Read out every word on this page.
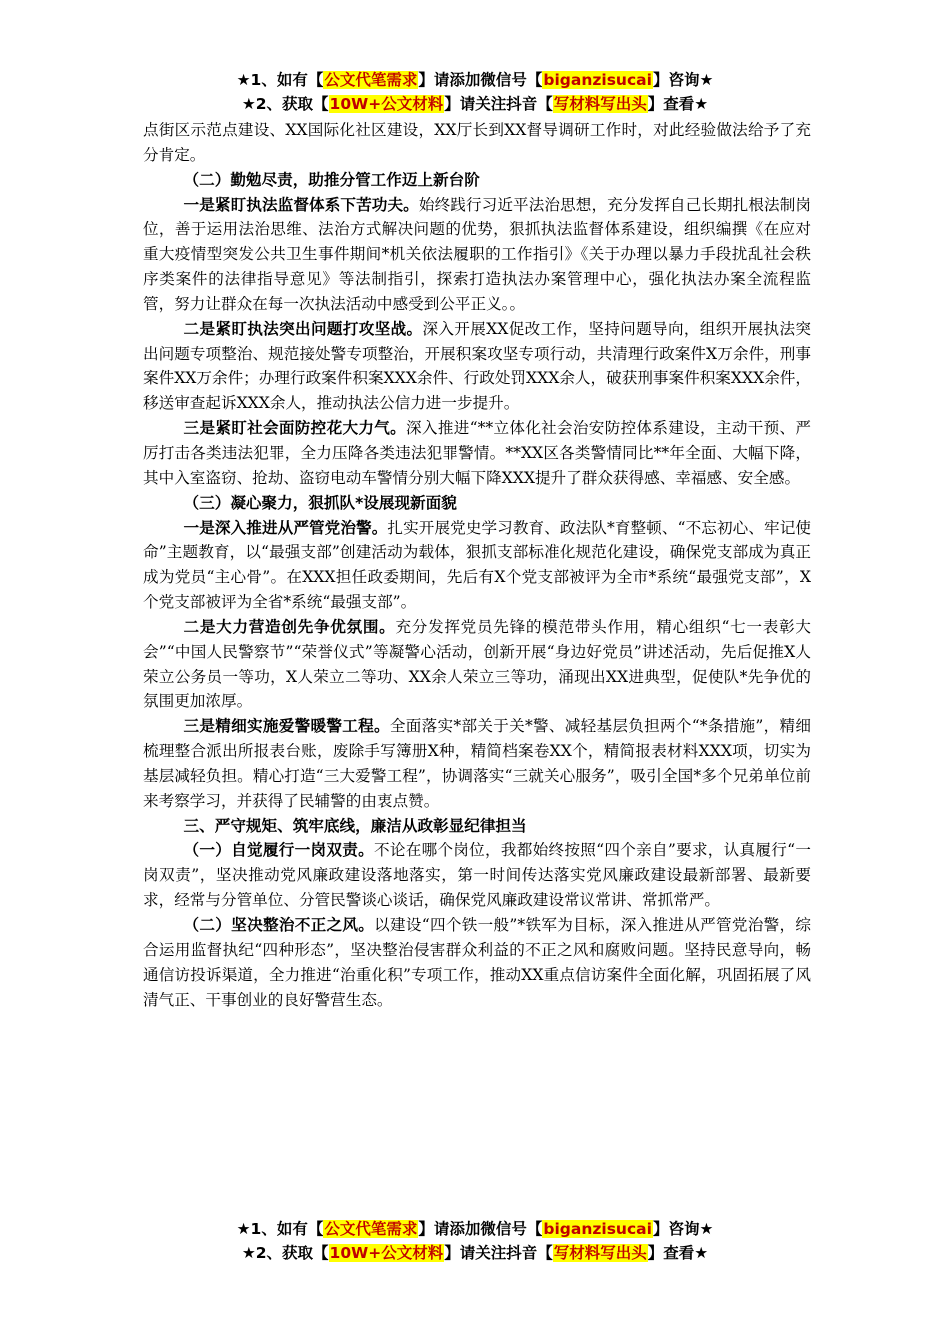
★1、如有【公文代笔需求】请添加微信号【biganzisucai】咨询★
★2、获取【10W+公文材料】请关注抖音【写材料写出头】查看★

点街区示范点建设、XX国际化社区建设，XX厅长到XX督导调研工作时，对此经验做法给予了充分肯定。

（二）勤勉尽责，助推分管工作迈上新台阶

一是紧盯执法监督体系下苦功夫。始终践行习近平法治思想，充分发挥自己长期扎根法制岗位，善于运用法治思维、法治方式解决问题的优势，狠抓执法监督体系建设，组织编撰《在应对重大疫情型突发公共卫生事件期间*机关依法履职的工作指引》《关于办理以暴力手段扰乱社会秩序类案件的法律指导意见》等法制指引，探索打造执法办案管理中心，强化执法办案全流程监管，努力让群众在每一次执法活动中感受到公平正义。。

二是紧盯执法突出问题打攻坚战。深入开展XX促改工作，坚持问题导向，组织开展执法突出问题专项整治、规范接处警专项整治，开展积案攻坚专项行动，共清理行政案件X万余件，刑事案件XX万余件；办理行政案件积案XXX余件、行政处罚XXX余人，破获刑事案件积案XXX余件，移送审查起诉XXX余人，推动执法公信力进一步提升。

三是紧盯社会面防控花大力气。深入推进“**立体化社会治安防控体系建设，主动干预、严厉打击各类违法犯罪，全力压降各类违法犯罪警情。**XX区各类警情同比**年全面、大幅下降，其中入室盗窃、抢劫、盗窃电动车警情分别大幅下降XXX提升了群众获得感、幸福感、安全感。

（三）凝心聚力，狠抓队*设展现新面貌

一是深入推进从严管党治警。扎实开展党史学习教育、政法队*育整顿、“不忘初心、牢记使命”主题教育，以“最强支部”创建活动为载体，狠抓支部标准化规范化建设，确保党支部成为真正成为党员“主心骨”。在XXX担任政委期间，先后有X个党支部被评为全市*系统“最强党支部”，X个党支部被评为全省*系统“最强支部”。

二是大力营造创先争优氛围。充分发挥党员先锋的模范带头作用，精心组织“七一表彰大会”“中国人民警察节”“荣誉仪式”等凝警心活动，创新开展“身边好党员”讲述活动，先后促推X人荣立公务员一等功，X人荣立二等功、XX余人荣立三等功，涌现出XX进典型，促使队*先争优的氛围更加浓厚。

三是精细实施爱警暖警工程。全面落实*部关于关*警、减轻基层负担两个“*条措施”，精细梳理整合派出所报表台账，废除手写簿册X种，精简档案卷XX个，精简报表材料XXX项，切实为基层减轻负担。精心打造“三大爱警工程”，协调落实“三就关心服务”，吸引全国*多个兄弟单位前来考察学习，并获得了民辅警的由衷点赞。

三、严守规矩、筑牢底线，廉洁从政彰显纪律担当

（一）自觉履行一岗双责。不论在哪个岗位，我都始终按照“四个亲自”要求，认真履行“一岗双责”，坚决推动党风廉政建设落地落实，第一时间传达落实党风廉政建设最新部署、最新要求，经常与分管单位、分管民警谈心谈话，确保党风廉政建设常议常讲、常抓常严。

（二）坚决整治不正之风。以建设“四个铁一般”*铁军为目标，深入推进从严管党治警，综合运用监督执纪“四种形态”，坚决整治侵害群众利益的不正之风和腐败问题。坚持民意导向，畅通信访投诉渠道，全力推进“治重化积”专项工作，推动XX重点信访案件全面化解，巩固拓展了风清气正、干事创业的良好警营生态。

★1、如有【公文代笔需求】请添加微信号【biganzisucai】咨询★
★2、获取【10W+公文材料】请关注抖音【写材料写出头】查看★
